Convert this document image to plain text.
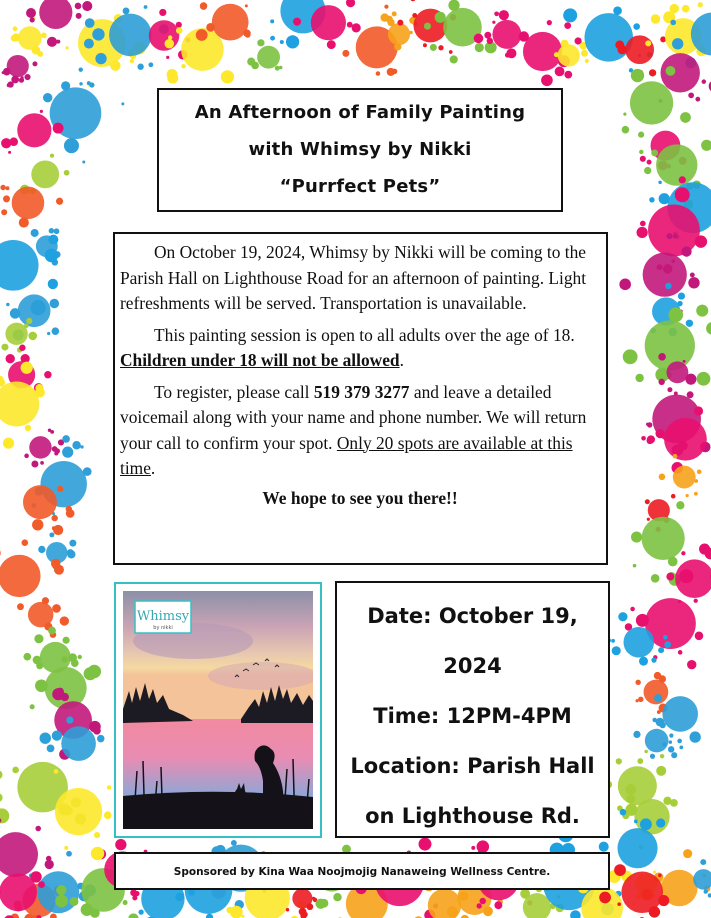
An Afternoon of Family Painting
with Whimsy by Nikki
“Purrfect Pets”

On October 19, 2024, Whimsy by Nikki will be coming to the Parish Hall on Lighthouse Road for an afternoon of painting. Light refreshments will be served. Transportation is unavailable.

This painting session is open to all adults over the age of 18. Children under 18 will not be allowed.

To register, please call 519 379 3277 and leave a detailed voicemail along with your name and phone number. We will return your call to confirm your spot. Only 20 spots are available at this time.

We hope to see you there!!
Whimsy
by nikki	Date: October 19,
2024
Time: 12PM-4PM
Location: Parish Hall
on Lighthouse Rd.
Sponsored by Kina Waa Noojmojig Nanaweing Wellness Centre.
